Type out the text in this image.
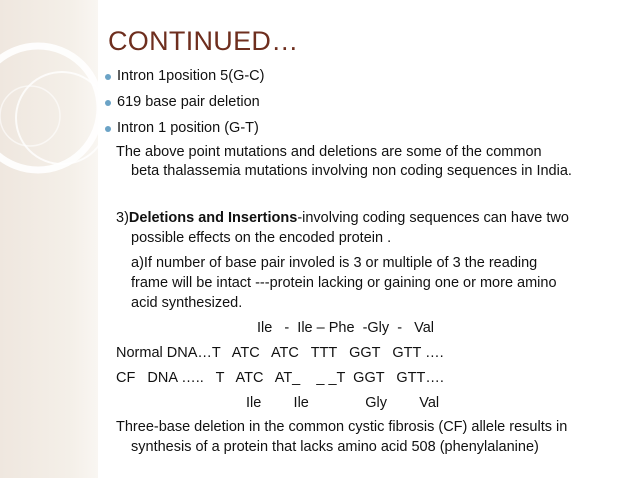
CONTINUED…
Intron 1position 5(G-C)
619 base pair deletion
Intron 1 position (G-T)
The above point mutations and deletions are some of the common
beta thalassemia mutations involving non coding sequences in India.
3)Deletions and Insertions-involving coding sequences can have two
possible effects on the encoded protein .
a)If number of base pair involed is 3 or multiple of 3 the reading
frame will be intact ---protein lacking or gaining one or more amino
acid synthesized.
Ile   -  Ile – Phe  -Gly  -   Val
Normal DNA…T   ATC   ATC   TTT   GGT   GTT ….
CF   DNA …..   T   ATC   AT_    _ _T  GGT   GTT….
Ile        Ile              Gly        Val
Three-base deletion in the common cystic fibrosis (CF) allele results in
synthesis of a protein that lacks amino acid 508 (phenylalanine)
